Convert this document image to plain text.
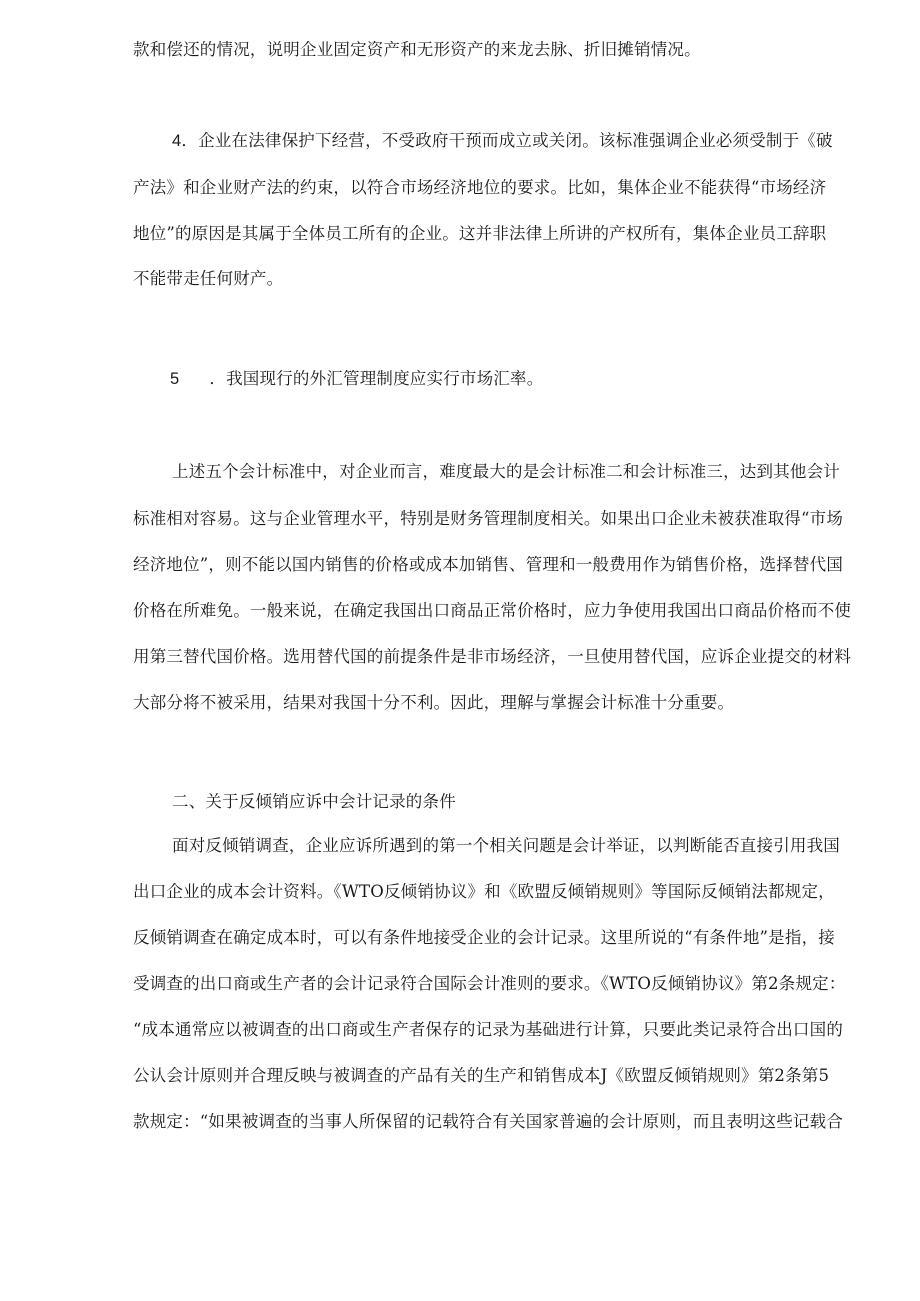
款和偿还的情况，说明企业固定资产和无形资产的来龙去脉、折旧摊销情况。
4．企业在法律保护下经营，不受政府干预而成立或关闭。该标准强调企业必须受制于《破
产法》和企业财产法的约束，以符合市场经济地位的要求。比如，集体企业不能获得“市场经济
地位”的原因是其属于全体员工所有的企业。这并非法律上所讲的产权所有，集体企业员工辞职
不能带走任何财产。
5 ．我国现行的外汇管理制度应实行市场汇率。
上述五个会计标准中，对企业而言，难度最大的是会计标准二和会计标准三，达到其他会计
标准相对容易。这与企业管理水平，特别是财务管理制度相关。如果出口企业未被获准取得“市场
经济地位”，则不能以国内销售的价格或成本加销售、管理和一般费用作为销售价格，选择替代国
价格在所难免。一般来说，在确定我国出口商品正常价格时，应力争使用我国出口商品价格而不使
用第三替代国价格。选用替代国的前提条件是非市场经济，一旦使用替代国，应诉企业提交的材料
大部分将不被采用，结果对我国十分不利。因此，理解与掌握会计标准十分重要。
二、关于反倾销应诉中会计记录的条件
面对反倾销调查，企业应诉所遇到的第一个相关问题是会计举证，以判断能否直接引用我国
出口企业的成本会计资料。《WTO反倾销协议》和《欧盟反倾销规则》等国际反倾销法都规定，
反倾销调查在确定成本时，可以有条件地接受企业的会计记录。这里所说的“有条件地”是指，接
受调查的出口商或生产者的会计记录符合国际会计准则的要求。《WTO反倾销协议》第2条规定：
“成本通常应以被调查的出口商或生产者保存的记录为基础进行计算，只要此类记录符合出口国的
公认会计原则并合理反映与被调查的产品有关的生产和销售成本J《欧盟反倾销规则》第2条第5
款规定：“如果被调查的当事人所保留的记载符合有关国家普遍的会计原则，而且表明这些记载合
